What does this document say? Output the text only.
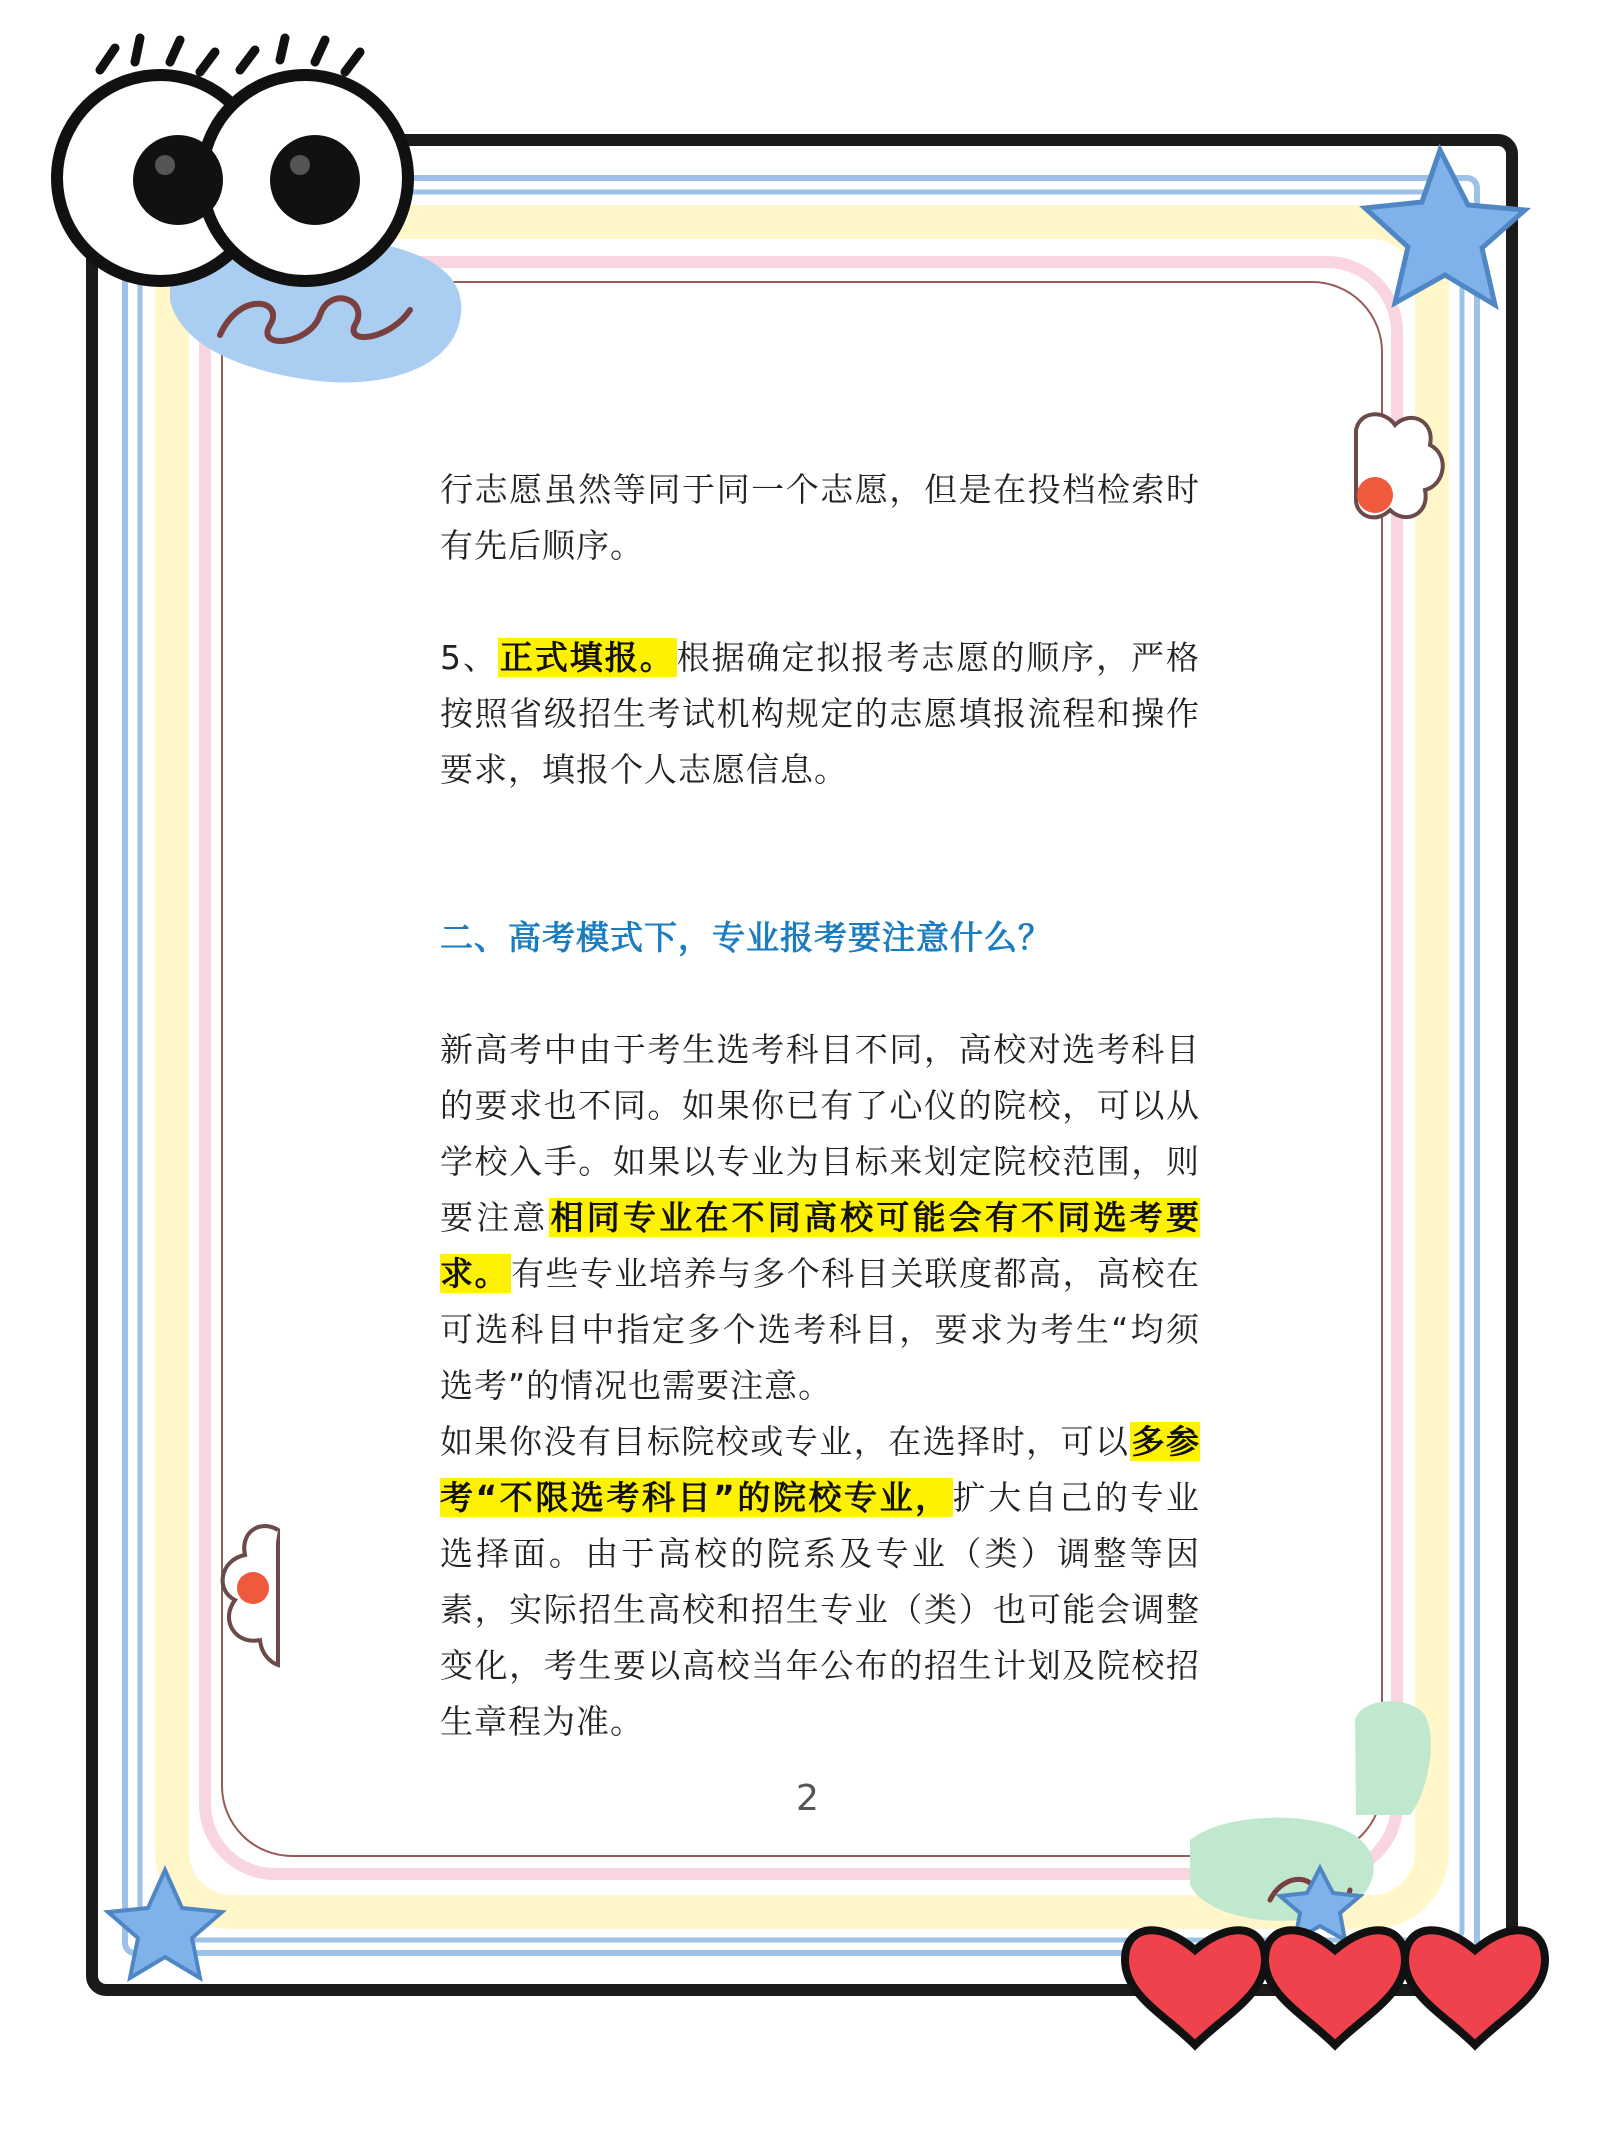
行志愿虽然等同于同一个志愿，但是在投档检索时有先后顺序。

5、正式填报。根据确定拟报考志愿的顺序，严格按照省级招生考试机构规定的志愿填报流程和操作要求，填报个人志愿信息。

二、高考模式下，专业报考要注意什么？

新高考中由于考生选考科目不同，高校对选考科目的要求也不同。如果你已有了心仪的院校，可以从学校入手。如果以专业为目标来划定院校范围，则要注意相同专业在不同高校可能会有不同选考要求。有些专业培养与多个科目关联度都高，高校在可选科目中指定多个选考科目，要求为考生“均须选考”的情况也需要注意。

如果你没有目标院校或专业，在选择时，可以多参考“不限选考科目”的院校专业，扩大自己的专业选择面。由于高校的院系及专业（类）调整等因素，实际招生高校和招生专业（类）也可能会调整变化，考生要以高校当年公布的招生计划及院校招生章程为准。

2
